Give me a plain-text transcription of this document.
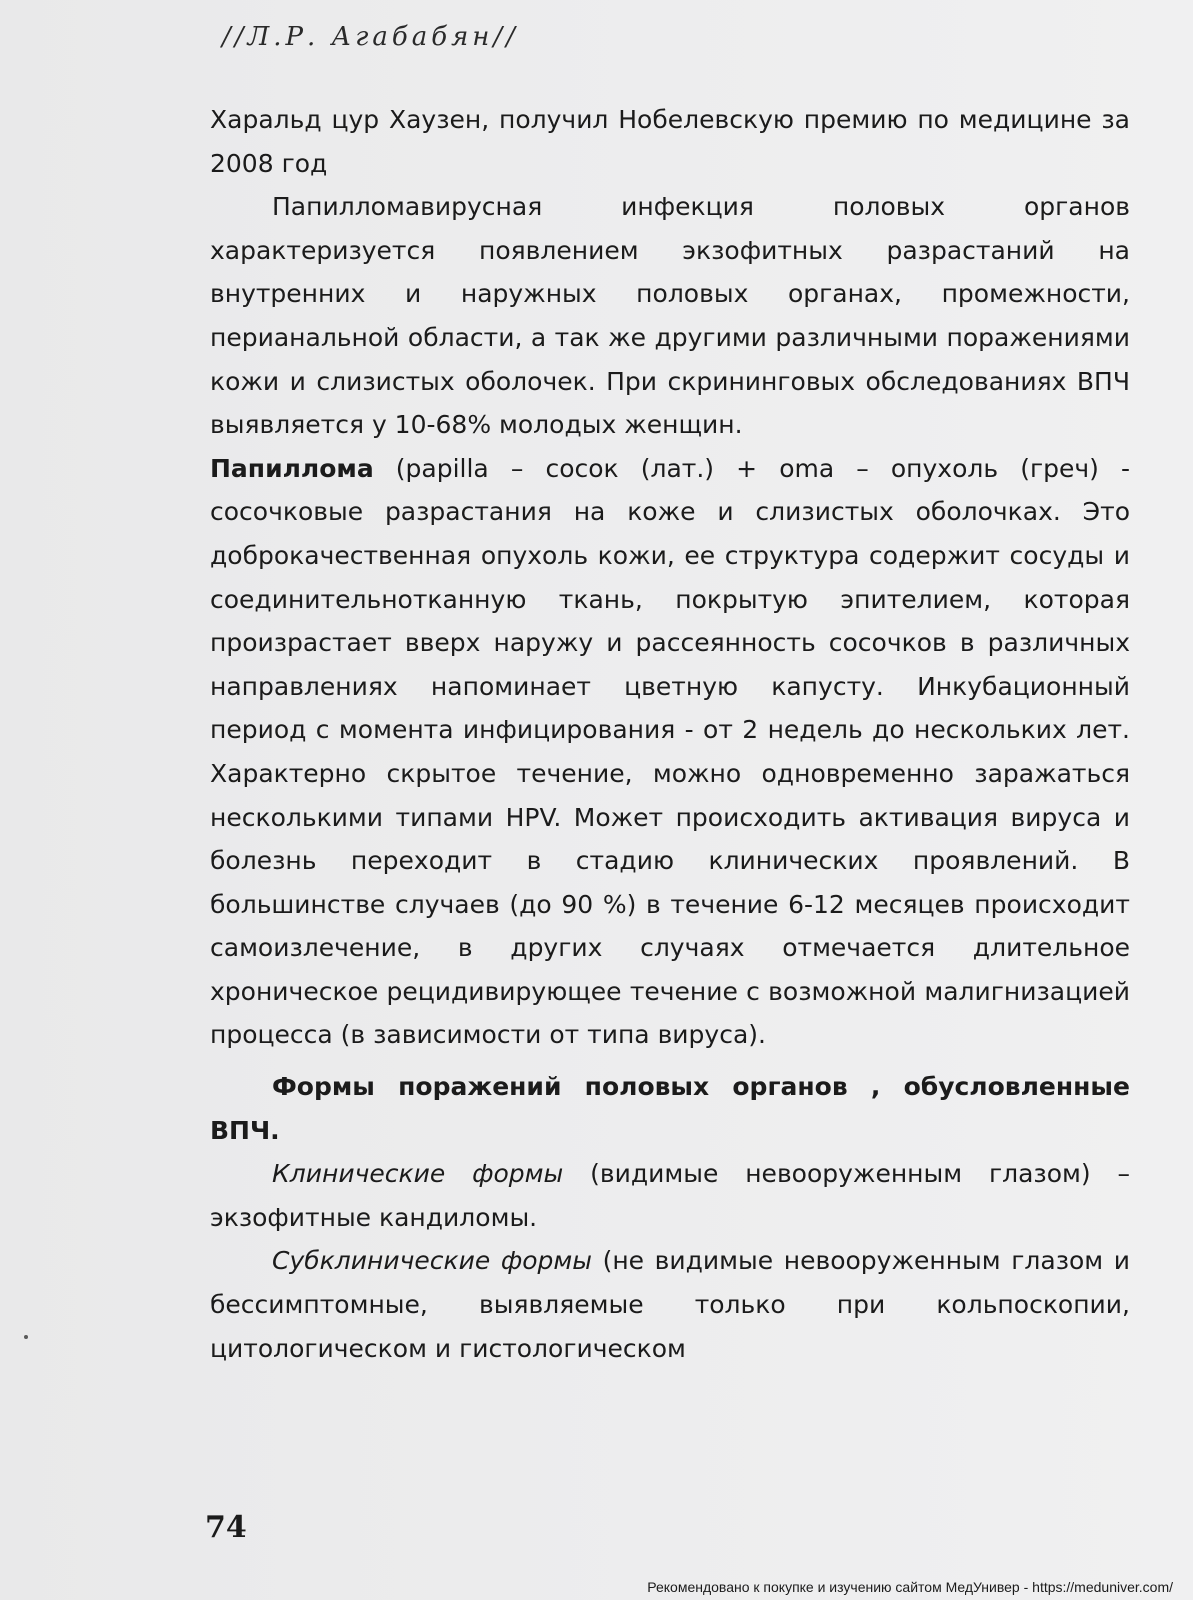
//Л.Р. Агабабян//

Харальд цур Хаузен, получил Нобелевскую премию по медицине за 2008 год

Папилломавирусная инфекция половых органов характеризуется появлением экзофитных разрастаний на внутренних и наружных половых органах, промежности, перианальной области, а так же другими различными поражениями кожи и слизистых оболочек. При скрининговых обследованиях ВПЧ выявляется у 10-68% молодых женщин.

Папиллома (papilla – сосок (лат.) + oma – опухоль (греч) - сосочковые разрастания на коже и слизистых оболочках. Это доброкачественная опухоль кожи, ее структура содержит сосуды и соединительнотканную ткань, покрытую эпителием, которая произрастает вверх наружу и рассеянность сосочков в различных направлениях напоминает цветную капусту. Инкубационный период с момента инфицирования - от 2 недель до нескольких лет. Характерно скрытое течение, можно одновременно заражаться несколькими типами HPV. Может происходить активация вируса и болезнь переходит в стадию клинических проявлений. В большинстве случаев (до 90 %) в течение 6-12 месяцев происходит самоизлечение, в других случаях отмечается длительное хроническое рецидивирующее течение с возможной малигнизацией процесса (в зависимости от типа вируса).

Формы поражений половых органов , обусловленные ВПЧ.

Клинические формы (видимые невооруженным глазом) – экзофитные кандиломы.

Субклинические формы (не видимые невооруженным глазом и бессимптомные, выявляемые только при кольпоскопии, цитологическом и гистологическом

74
Рекомендовано к покупке и изучению сайтом МедУнивер - https://meduniver.com/
